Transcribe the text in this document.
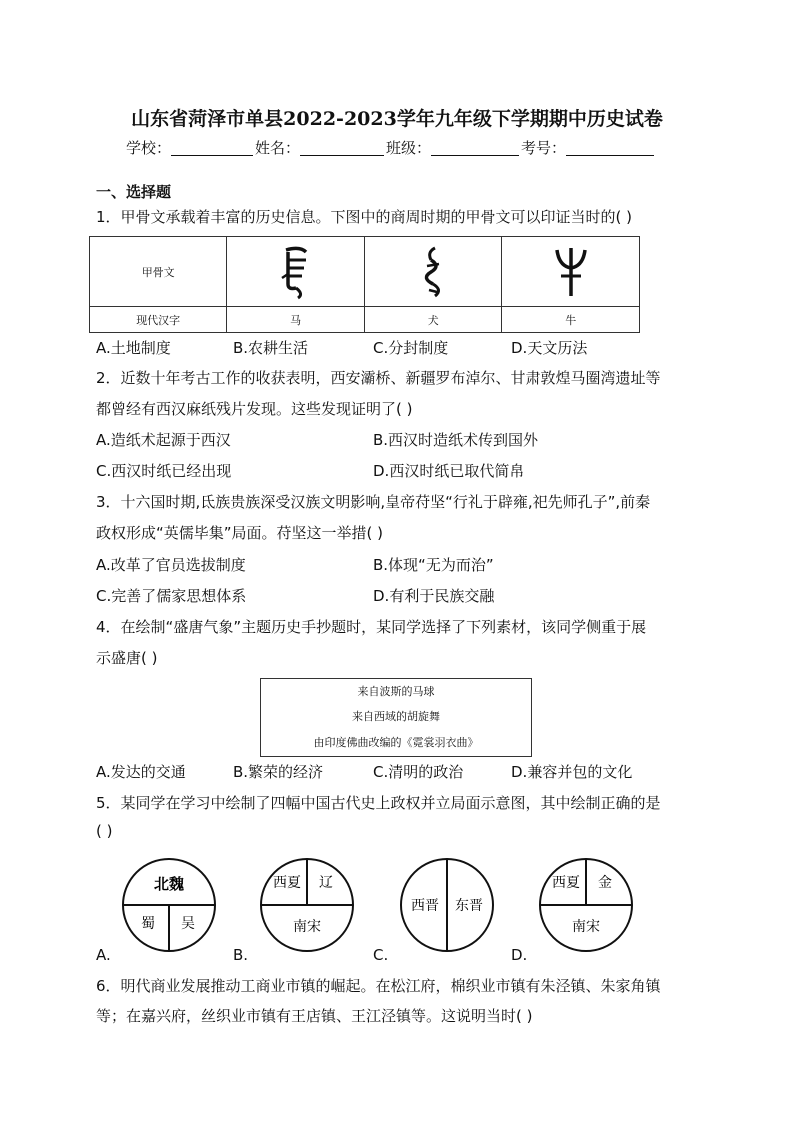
山东省菏泽市单县2022-2023学年九年级下学期期中历史试卷
学校：	姓名：	班级：	考号：
一、选择题
1．甲骨文承载着丰富的历史信息。下图中的商周时期的甲骨文可以印证当时的( )
甲骨文	

现代汉字	马	犬	牛
A.土地制度	B.农耕生活	C.分封制度	D.天文历法
2．近数十年考古工作的收获表明，西安灞桥、新疆罗布淖尔、甘肃敦煌马圈湾遗址等
都曾经有西汉麻纸残片发现。这些发现证明了( )
A.造纸术起源于西汉	B.西汉时造纸术传到国外
C.西汉时纸已经出现	D.西汉时纸已取代简帛
3．十六国时期,氐族贵族深受汉族文明影响,皇帝苻坚“行礼于辟雍,祀先师孔子”,前秦
政权形成“英儒毕集”局面。苻坚这一举措( )
A.改革了官员选拔制度	B.体现“无为而治”
C.完善了儒家思想体系	D.有利于民族交融
4．在绘制“盛唐气象”主题历史手抄题时，某同学选择了下列素材，该同学侧重于展
示盛唐( )
来自波斯的马球
来自西域的胡旋舞
由印度佛曲改编的《霓裳羽衣曲》
A.发达的交通	B.繁荣的经济	C.清明的政治	D.兼容并包的文化
5．某同学在学习中绘制了四幅中国古代史上政权并立局面示意图，其中绘制正确的是
( )
北魏
蜀 吴
A.
西夏 辽
南宋
B.
西晋 东晋
C.
西夏 金
南宋
D.
6．明代商业发展推动工商业市镇的崛起。在松江府，棉织业市镇有朱泾镇、朱家角镇
等；在嘉兴府，丝织业市镇有王店镇、王江泾镇等。这说明当时( )
